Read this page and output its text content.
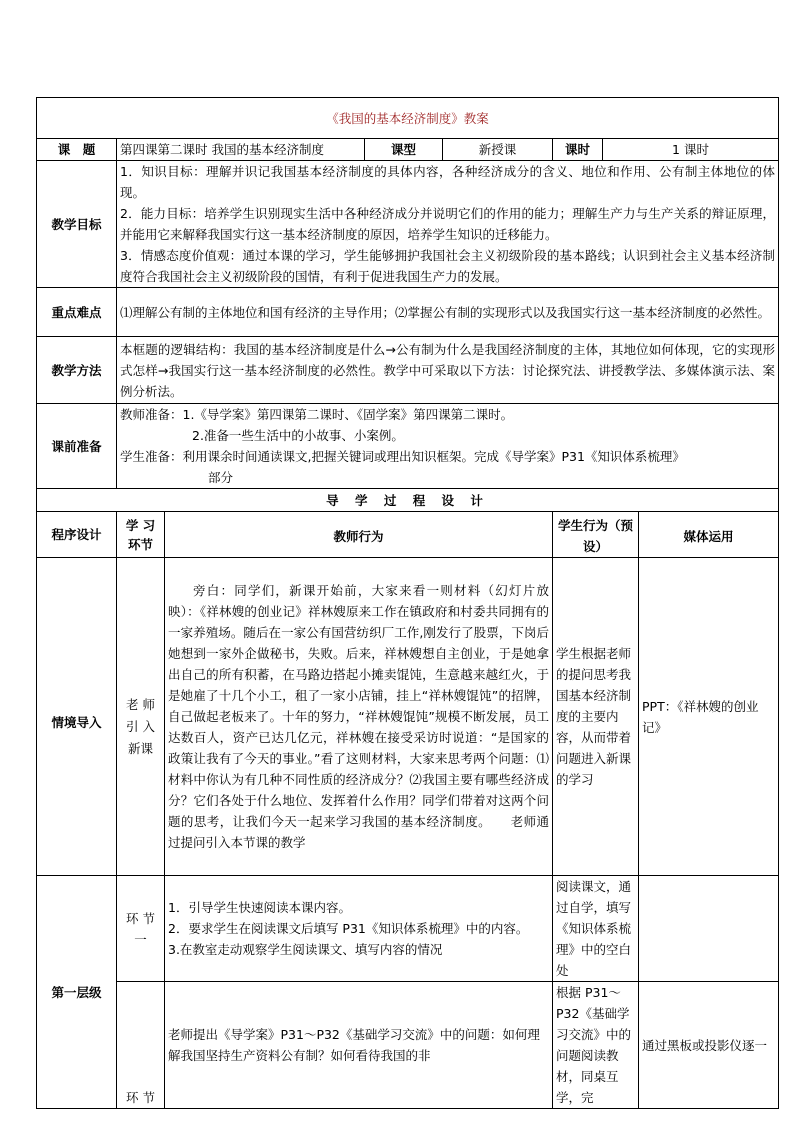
《我国的基本经济制度》教案							
课　题	第四课第二课时 我国的基本经济制度		课型	新授课	课时	1 课时	
教学目标	1．知识目标：理解并识记我国基本经济制度的具体内容，各种经济成分的含义、地位和作用、公有制主体地位的体现。

2．能力目标：培养学生识别现实生活中各种经济成分并说明它们的作用的能力；理解生产力与生产关系的辩证原理，并能用它来解释我国实行这一基本经济制度的原因，培养学生知识的迁移能力。

3．情感态度价值观：通过本课的学习，学生能够拥护我国社会主义初级阶段的基本路线；认识到社会主义基本经济制度符合我国社会主义初级阶段的国情，有利于促进我国生产力的发展。						

重点难点	⑴理解公有制的主体地位和国有经济的主导作用；⑵掌握公有制的实现形式以及我国实行这一基本经济制度的必然性。						
教学方法	本框题的逻辑结构：我国的基本经济制度是什么→公有制为什么是我国经济制度的主体，其地位如何体现，它的实现形式怎样→我国实行这一基本经济制度的必然性。教学中可采取以下方法：讨论探究法、讲授教学法、多媒体演示法、案例分析法。						
课前准备	教师准备：1.《导学案》第四课第二课时、《固学案》第四课第二课时。

2.准备一些生活中的小故事、小案例。

学生准备：利用课余时间通读课文,把握关键词或理出知识框架。完成《导学案》P31《知识体系梳理》

部分						

导 学 过 程 设 计							
程序设计	学 习 环节	教师行为			学生行为（预设）		媒体运用
情境导入	老 师 引 入 新课	旁白：同学们，新课开始前，大家来看一则材料（幻灯片放映）：《祥林嫂的创业记》祥林嫂原来工作在镇政府和村委共同拥有的一家养殖场。随后在一家公有国营纺织厂工作,刚发行了股票，下岗后她想到一家外企做秘书，失败。后来，祥林嫂想自主创业，于是她拿出自己的所有积蓄，在马路边搭起小摊卖馄饨，生意越来越红火，于是她雇了十几个小工，租了一家小店铺，挂上“祥林嫂馄饨”的招牌，自己做起老板来了。十年的努力，“祥林嫂馄饨”规模不断发展，员工达数百人，资产已达几亿元，祥林嫂在接受采访时说道：“是国家的政策让我有了今天的事业。”看了这则材料，大家来思考两个问题：⑴材料中你认为有几种不同性质的经济成分？⑵我国主要有哪些经济成分？它们各处于什么地位、发挥着什么作用？同学们带着对这两个问题的思考，让我们今天一起来学习我国的基本经济制度。　　老师通过提问引入本节课的教学			学生根据老师的提问思考我国基本经济制度的主要内容，从而带着问题进入新课的学习		PPT：《祥林嫂的创业记》
第一层级	环 节 一	1．引导学生快速阅读本课内容。

2．要求学生在阅读课文后填写 P31《知识体系梳理》中的内容。

3.在教室走动观察学生阅读课文、填写内容的情况			阅读课文，通过自学，填写《知识体系梳理》中的空白处		
	环 节	老师提出《导学案》P31～P32《基础学习交流》中的问题：如何理解我国坚持生产资料公有制？如何看待我国的非			根据 P31～P32《基础学习交流》中的问题阅读教材，同桌互学，完		通过黑板或投影仪逐一
